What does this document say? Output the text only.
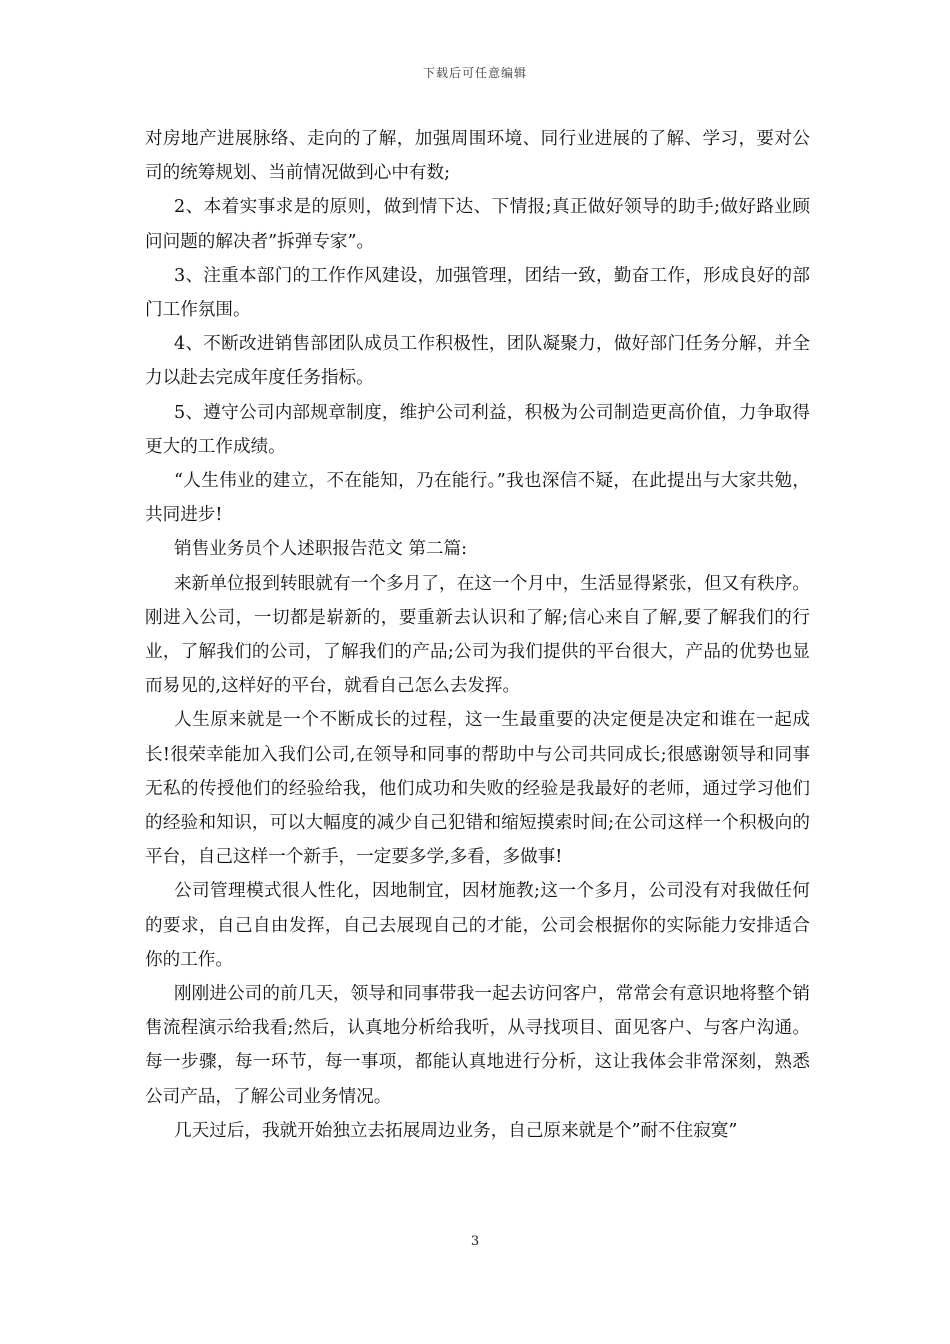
下载后可任意编辑

对房地产进展脉络、走向的了解，加强周围环境、同行业进展的了解、学习，要对公司的统筹规划、当前情况做到心中有数;

2、本着实事求是的原则，做到情下达、下情报;真正做好领导的助手;做好路业顾问问题的解决者”拆弹专家”。

3、注重本部门的工作作风建设，加强管理，团结一致，勤奋工作，形成良好的部门工作氛围。

4、不断改进销售部团队成员工作积极性，团队凝聚力，做好部门任务分解，并全力以赴去完成年度任务指标。

5、遵守公司内部规章制度，维护公司利益，积极为公司制造更高价值，力争取得更大的工作成绩。

“人生伟业的建立，不在能知，乃在能行。”我也深信不疑，在此提出与大家共勉，共同进步!

销售业务员个人述职报告范文 第二篇:

来新单位报到转眼就有一个多月了，在这一个月中，生活显得紧张，但又有秩序。刚进入公司，一切都是崭新的，要重新去认识和了解;信心来自了解,要了解我们的行业，了解我们的公司，了解我们的产品;公司为我们提供的平台很大，产品的优势也显而易见的,这样好的平台，就看自己怎么去发挥。

人生原来就是一个不断成长的过程，这一生最重要的决定便是决定和谁在一起成长!很荣幸能加入我们公司,在领导和同事的帮助中与公司共同成长;很感谢领导和同事无私的传授他们的经验给我，他们成功和失败的经验是我最好的老师，通过学习他们的经验和知识，可以大幅度的减少自己犯错和缩短摸索时间;在公司这样一个积极向的平台，自己这样一个新手，一定要多学,多看，多做事!

公司管理模式很人性化，因地制宜，因材施教;这一个多月，公司没有对我做任何的要求，自己自由发挥，自己去展现自己的才能，公司会根据你的实际能力安排适合你的工作。

刚刚进公司的前几天，领导和同事带我一起去访问客户，常常会有意识地将整个销售流程演示给我看;然后，认真地分析给我听，从寻找项目、面见客户、与客户沟通。每一步骤，每一环节，每一事项，都能认真地进行分析，这让我体会非常深刻，熟悉公司产品，了解公司业务情况。

几天过后，我就开始独立去拓展周边业务，自己原来就是个”耐不住寂寞”

3
